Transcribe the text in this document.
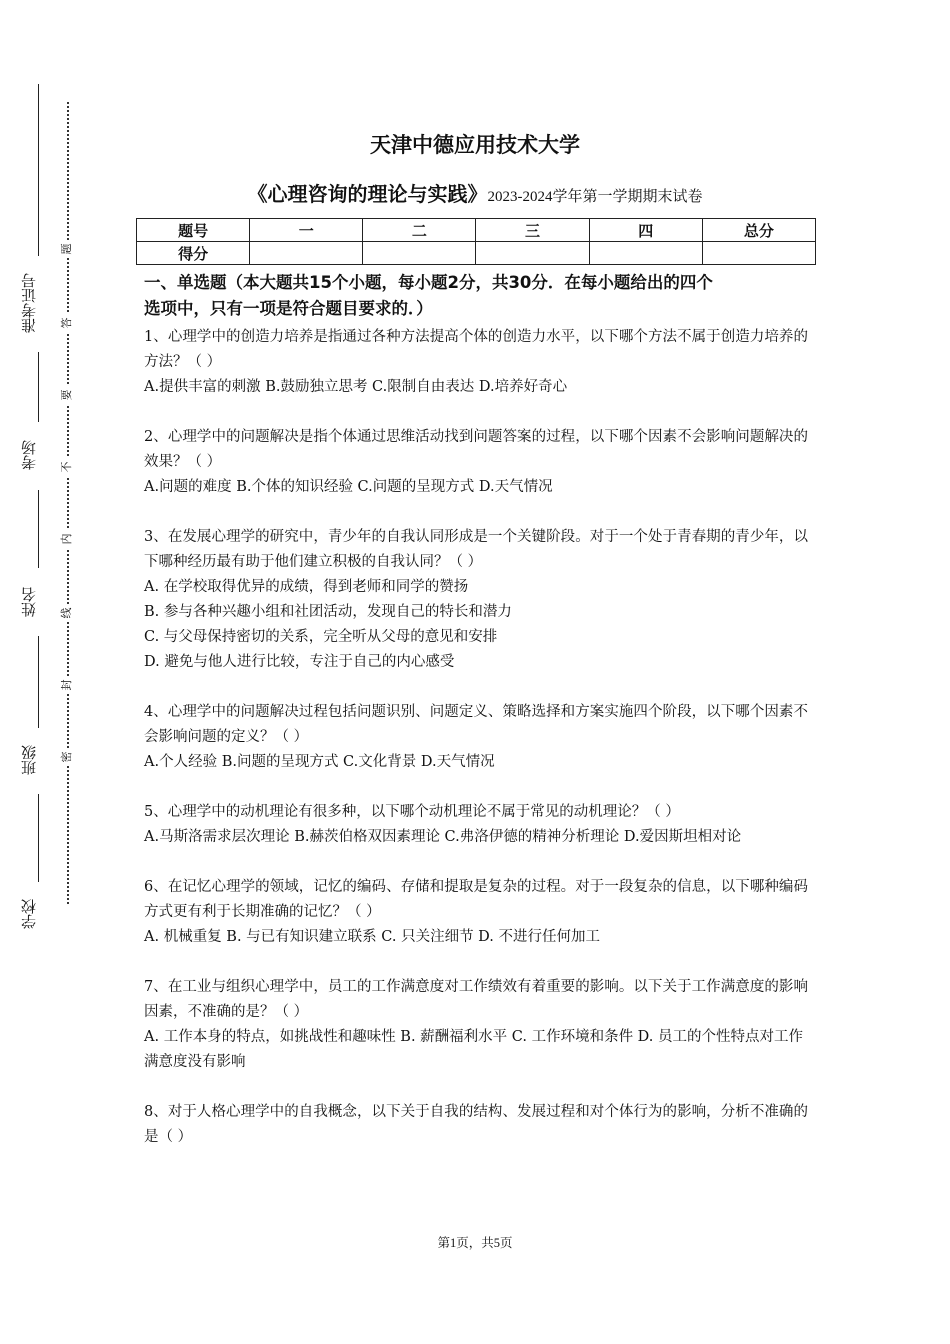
准考证号
考场
姓名
班级
学校
题
答
要
不
内
线
封
密
天津中德应用技术大学
《心理咨询的理论与实践》2023-2024学年第一学期期末试卷
题号	一	二	三	四	总分
得分					
一、单选题（本大题共15个小题，每小题2分，共30分．在每小题给出的四个
选项中，只有一项是符合题目要求的．）
1、心理学中的创造力培养是指通过各种方法提高个体的创造力水平，以下哪个方法不属于创造力培养的方法？（ ）
A.提供丰富的刺激 B.鼓励独立思考 C.限制自由表达 D.培养好奇心
2、心理学中的问题解决是指个体通过思维活动找到问题答案的过程，以下哪个因素不会影响问题解决的效果？（ ）
A.问题的难度 B.个体的知识经验 C.问题的呈现方式 D.天气情况
3、在发展心理学的研究中，青少年的自我认同形成是一个关键阶段。对于一个处于青春期的青少年，以下哪种经历最有助于他们建立积极的自我认同？（ ）
A. 在学校取得优异的成绩，得到老师和同学的赞扬
B. 参与各种兴趣小组和社团活动，发现自己的特长和潜力
C. 与父母保持密切的关系，完全听从父母的意见和安排
D. 避免与他人进行比较，专注于自己的内心感受
4、心理学中的问题解决过程包括问题识别、问题定义、策略选择和方案实施四个阶段，以下哪个因素不会影响问题的定义？（ ）
A.个人经验 B.问题的呈现方式 C.文化背景 D.天气情况
5、心理学中的动机理论有很多种，以下哪个动机理论不属于常见的动机理论？（ ）
A.马斯洛需求层次理论 B.赫茨伯格双因素理论 C.弗洛伊德的精神分析理论 D.爱因斯坦相对论
6、在记忆心理学的领域，记忆的编码、存储和提取是复杂的过程。对于一段复杂的信息，以下哪种编码方式更有利于长期准确的记忆？（ ）
A. 机械重复 B. 与已有知识建立联系 C. 只关注细节 D. 不进行任何加工
7、在工业与组织心理学中，员工的工作满意度对工作绩效有着重要的影响。以下关于工作满意度的影响因素，不准确的是？（ ）
A. 工作本身的特点，如挑战性和趣味性 B. 薪酬福利水平 C. 工作环境和条件 D. 员工的个性特点对工作满意度没有影响
8、对于人格心理学中的自我概念，以下关于自我的结构、发展过程和对个体行为的影响，分析不准确的是（ ）
第1页，共5页
